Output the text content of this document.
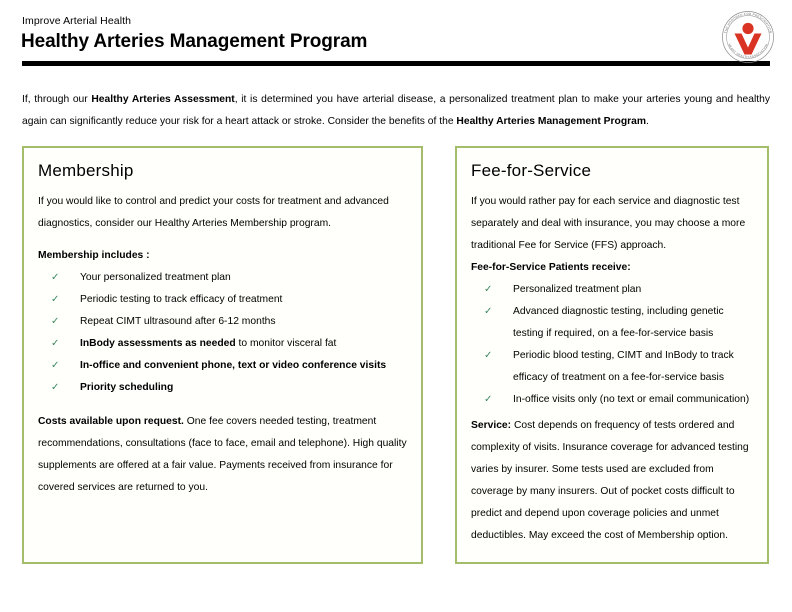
Improve Arterial Health
Healthy Arteries Management Program	THE HONORED FOR PRESCRIPTION
HEART HEALTH ASSOCIATION

If, through our Healthy Arteries Assessment, it is determined you have arterial disease, a personalized treatment plan to make your arteries young and healthy again can significantly reduce your risk for a heart attack or stroke. Consider the benefits of the Healthy Arteries Management Program.

Membership

If you would like to control and predict your costs for treatment and advanced diagnostics, consider our Healthy Arteries Membership program.

Membership includes :

✓ Your personalized treatment plan
✓ Periodic testing to track efficacy of treatment
✓ Repeat CIMT ultrasound after 6-12 months
✓ InBody assessments as needed to monitor visceral fat
✓ In-office and convenient phone, text or video conference visits
✓ Priority scheduling

Costs available upon request. One fee covers needed testing, treatment recommendations, consultations (face to face, email and telephone). High quality supplements are offered at a fair value. Payments received from insurance for covered services are returned to you.

Fee-for-Service

If you would rather pay for each service and diagnostic test separately and deal with insurance, you may choose a more traditional Fee for Service (FFS) approach.

Fee-for-Service Patients receive:

✓ Personalized treatment plan
✓ Advanced diagnostic testing, including genetic testing if required, on a fee-for-service basis
✓ Periodic blood testing, CIMT and InBody to track efficacy of treatment on a fee-for-service basis
✓ In-office visits only (no text or email communication)

Service: Cost depends on frequency of tests ordered and complexity of visits. Insurance coverage for advanced testing varies by insurer. Some tests used are excluded from coverage by many insurers. Out of pocket costs difficult to predict and depend upon coverage policies and unmet deductibles. May exceed the cost of Membership option.
